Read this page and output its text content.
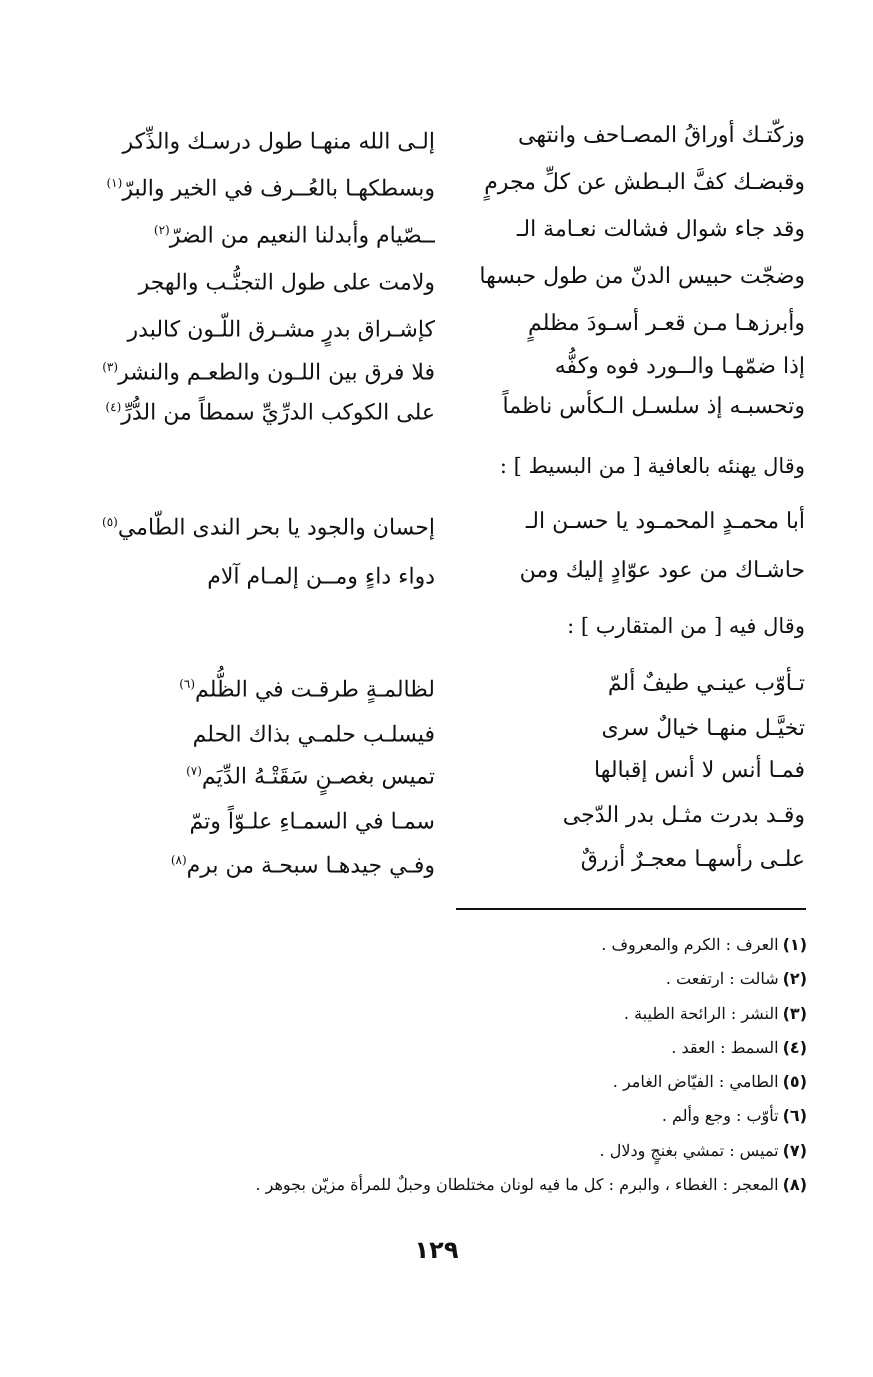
وزكّتـك أوراقُ المصـاحف وانتهى
إلـى الله منهـا طول درسـك والذِّكر
وقبضـك كفَّ البـطش عن كلِّ مجرمٍ
وبسطكهـا بالعُــرف في الخير والبرّ$^{(١)}$
وقد جاء شوال فشالت نعـامة الـ
ــصّيام وأبدلنا النعيم من الضرّ$^{(٢)}$
وضجّت حبيس الدنّ من طول حبسها
ولامت على طول التجنُّـب والهجر
وأبرزهـا مـن قعـر أسـودَ مظلمٍ
كإشـراق بدرٍ مشـرق اللّـون كالبدر
إذا ضمّهـا والــورد فوه وكفُّه
فلا فرق بين اللـون والطعـم والنشر$^{(٣)}$
وتحسبـه إذ سلسـل الـكأس ناظماً
على الكوكب الدرِّيِّ سمطاً من الدُّرِّ$^{(٤)}$
وقال يهنئه بالعافية [ من البسيط ] :
أبا محمـدٍ المحمـود يا حسـن الـ
إحسان والجود يا بحر الندى الطّامي$^{(٥)}$
حاشـاك من عود عوّادٍ إليك ومن
دواء داءٍ ومــن إلمـام آلام
وقال فيه [ من المتقارب ] :
تـأوّب عينـي طيفٌ ألمّ
لظالمـةٍ طرقـت في الظُّلم$^{(٦)}$
تخيَّـل منهـا خيالٌ سرى
فيسلـب حلمـي بذاك الحلم
فمـا أنس لا أنس إقبالها
تميس بغصـنٍ سَقَتْـهُ الدِّيَم$^{(٧)}$
وقـد بدرت مثـل بدر الدّجى
سمـا في السمـاءِ علـوّاً وتمّ
علـى رأسهـا معجـرٌ أزرقٌ
وفـي جيدهـا سبحـة من برم$^{(٨)}$
(١)العرف : الكرم والمعروف .
(٢)شالت : ارتفعت .
(٣)النشر : الرائحة الطيبة .
(٤)السمط : العقد .
(٥)الطامي : الفيّاض الغامر .
(٦)تأوّب : وجع وألم .
(٧)تميس : تمشي بغنجٍ ودلال .
(٨)المعجر : الغطاء ، والبرم : كل ما فيه لونان مختلطان وحبلٌ للمرأة مزيّن بجوهر .
١٢٩
